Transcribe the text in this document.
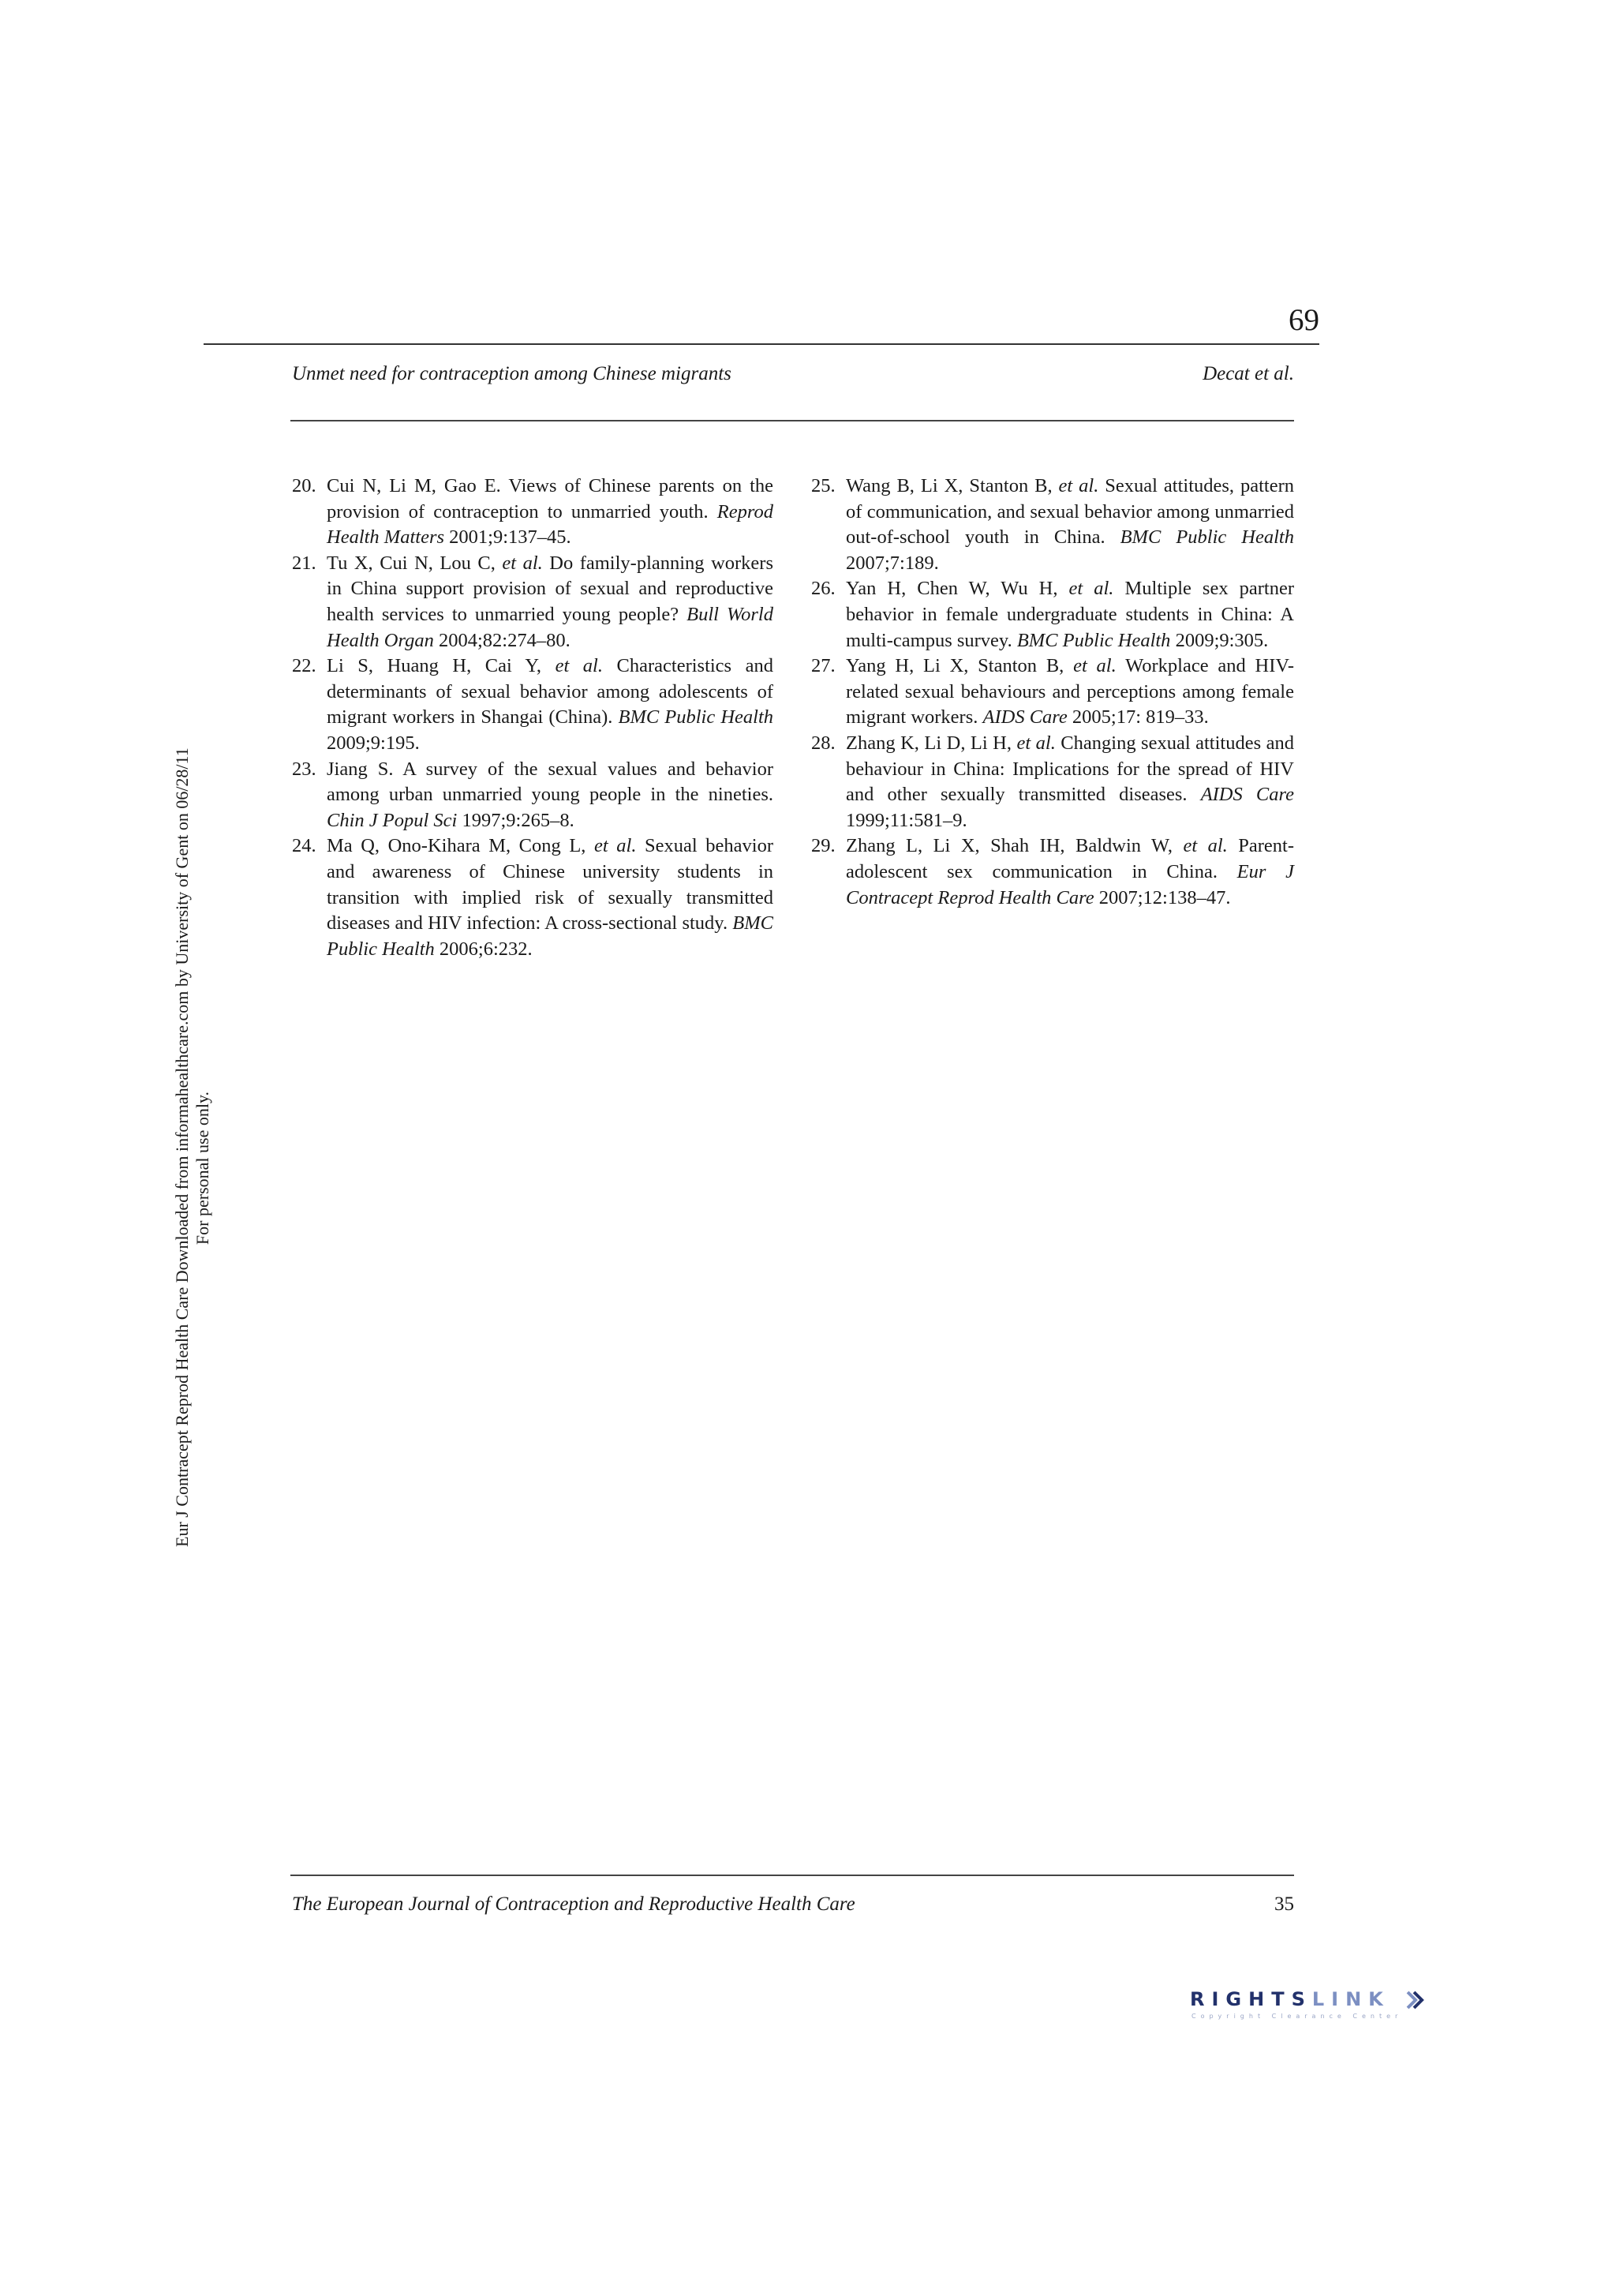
69
Unmet need for contraception among Chinese migrants	Decat et al.

20. Cui N, Li M, Gao E. Views of Chinese parents on the provision of contraception to unmarried youth. Reprod Health Matters 2001;9:137–45.

21. Tu X, Cui N, Lou C, et al. Do family-planning workers in China support provision of sexual and reproductive health services to unmarried young people? Bull World Health Organ 2004;82:274–80.

22. Li S, Huang H, Cai Y, et al. Characteristics and determinants of sexual behavior among adolescents of migrant workers in Shangai (China). BMC Public Health 2009;9:195.

23. Jiang S. A survey of the sexual values and behavior among urban unmarried young people in the nineties. Chin J Popul Sci 1997;9:265–8.

24. Ma Q, Ono-Kihara M, Cong L, et al. Sexual behavior and awareness of Chinese university students in transition with implied risk of sexually transmitted diseases and HIV infection: A cross-sectional study. BMC Public Health 2006;6:232.

25. Wang B, Li X, Stanton B, et al. Sexual attitudes, pattern of communication, and sexual behavior among unmarried out-of-school youth in China. BMC Public Health 2007;7:189.

26. Yan H, Chen W, Wu H, et al. Multiple sex partner behavior in female undergraduate students in China: A multi-campus survey. BMC Public Health 2009;9:305.

27. Yang H, Li X, Stanton B, et al. Workplace and HIV-related sexual behaviours and perceptions among female migrant workers. AIDS Care 2005;17: 819–33.

28. Zhang K, Li D, Li H, et al. Changing sexual attitudes and behaviour in China: Implications for the spread of HIV and other sexually transmitted diseases. AIDS Care 1999;11:581–9.

29. Zhang L, Li X, Shah IH, Baldwin W, et al. Parent-adolescent sex communication in China. Eur J Contracept Reprod Health Care 2007;12:138–47.

Eur J Contracept Reprod Health Care Downloaded from informahealthcare.com by University of Gent on 06/28/11 For personal use only.
The European Journal of Contraception and Reproductive Health Care	35
RIGHTSLINK
Copyright Clearance Center
